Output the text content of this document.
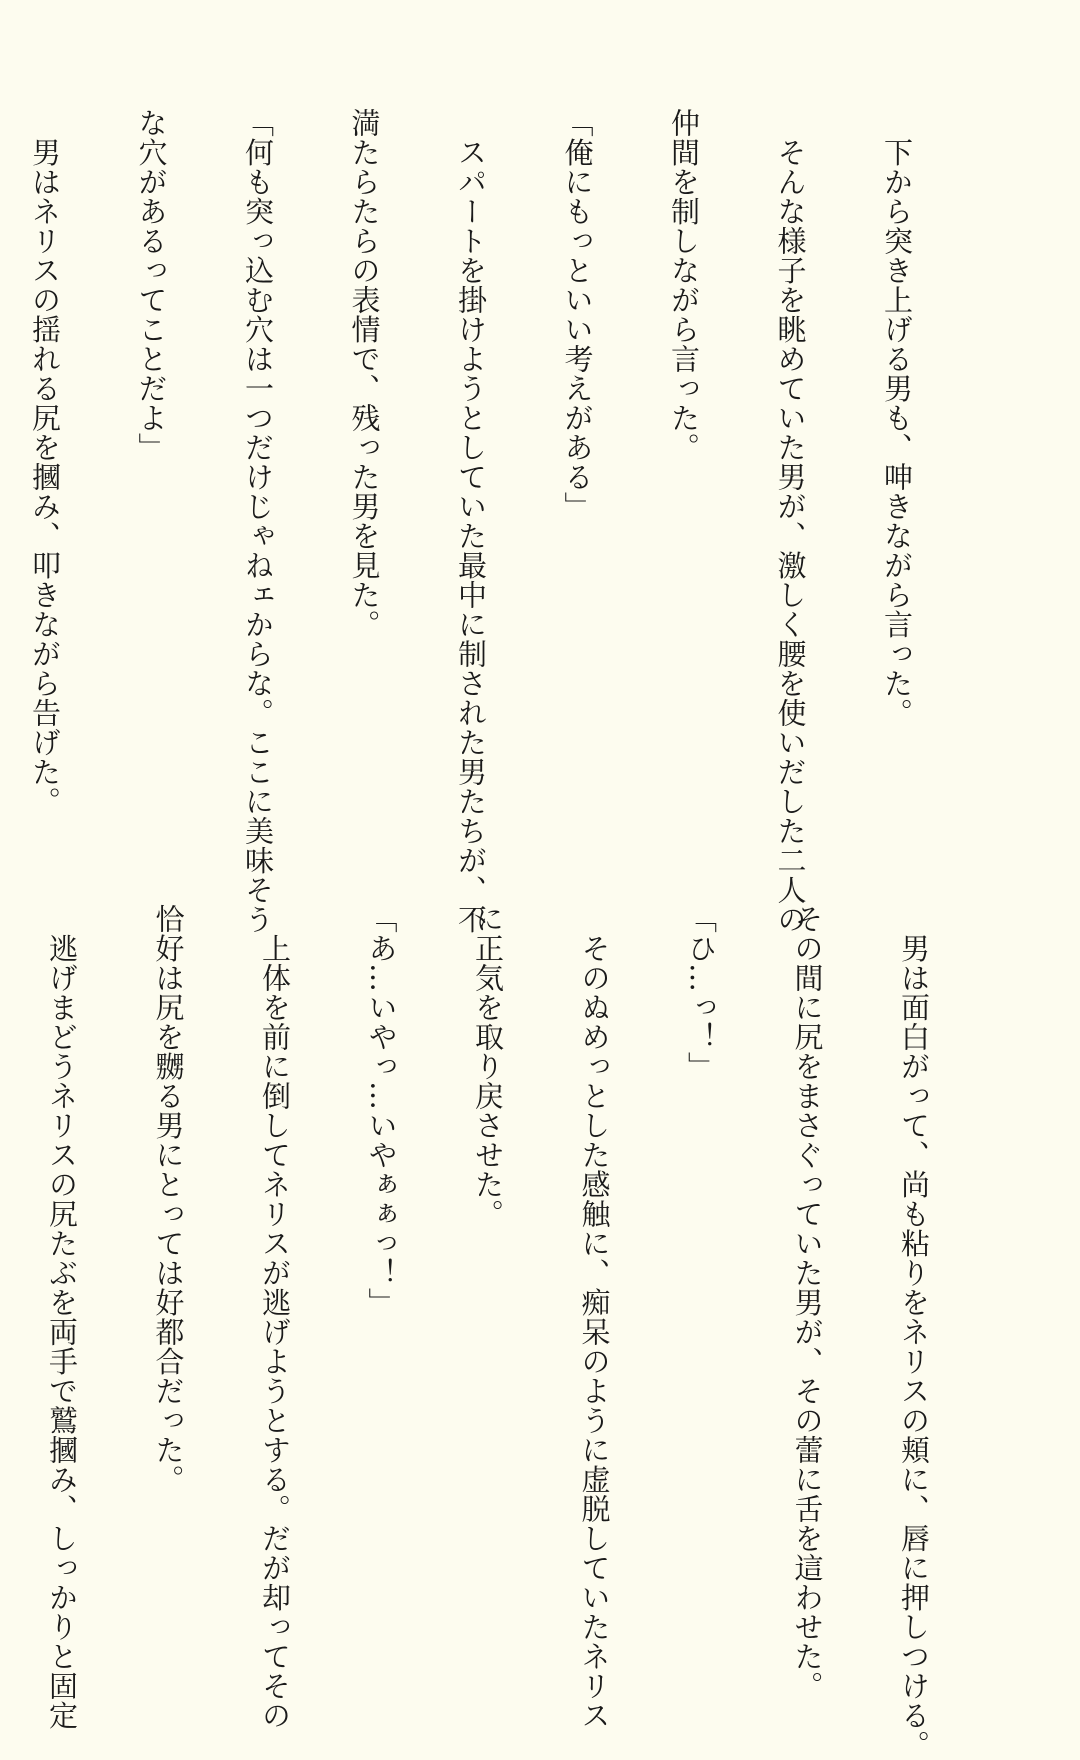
　下から突き上げる男も、呻きながら言った。

　そんな様子を眺めていた男が、激しく腰を使いだした二人の

仲間を制しながら言った。

「俺にもっといい考えがある」

　スパートを掛けようとしていた最中に制された男たちが、不

満たらたらの表情で、残った男を見た。

「何も突っ込む穴は一つだけじゃねェからな。ここに美味そう

な穴があるってことだよ」

　男はネリスの揺れる尻を摑み、叩きながら告げた。

　男は面白がって、尚も粘りをネリスの頬に、唇に押しつける。

その間に尻をまさぐっていた男が、その蕾に舌を這わせた。

「ひ…っ！」

　そのぬめっとした感触に、痴呆のように虚脱していたネリス

に正気を取り戻させた。

「あ…いやっ…いやぁぁっ！」

　上体を前に倒してネリスが逃げようとする。だが却ってその

恰好は尻を嬲る男にとっては好都合だった。

　逃げまどうネリスの尻たぶを両手で鷲摑み、しっかりと固定
